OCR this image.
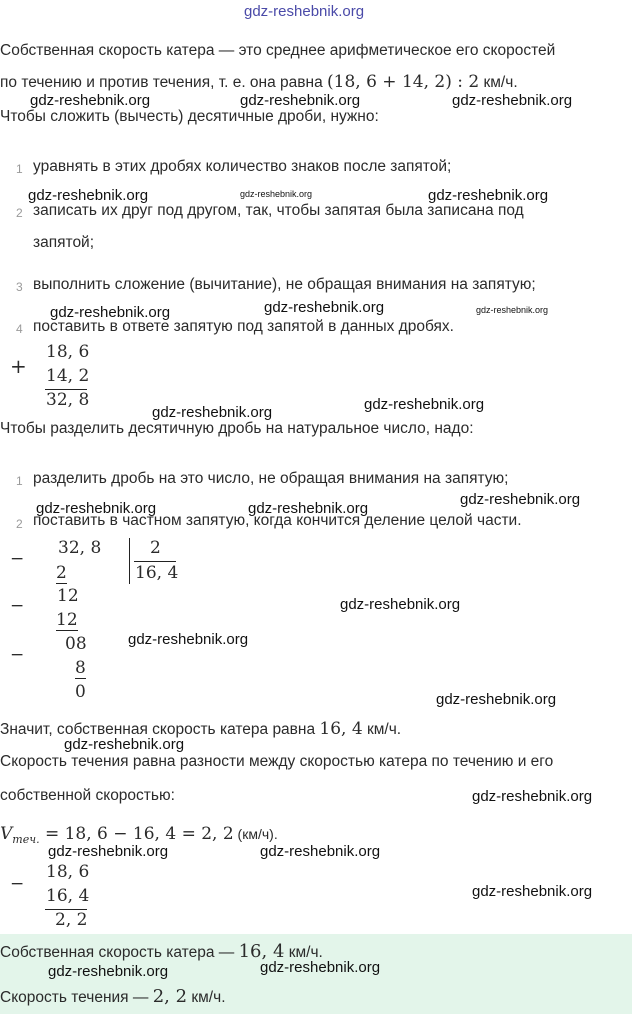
gdz-reshebnik.org
Собственная скорость катера — это среднее арифметическое его скоростей
по течению и против течения, т. е. она равна (18, 6 + 14, 2) : 2 км/ч.
Чтобы сложить (вычесть) десятичные дроби, нужно:
1 уравнять в этих дробях количество знаков после запятой;
2 записать их друг под другом, так, чтобы запятая была записана под
запятой;
3 выполнить сложение (вычитание), не обращая внимания на запятую;
4 поставить в ответе запятую под запятой в данных дробях.
+
18, 6
14, 2
32, 8
Чтобы разделить десятичную дробь на натуральное число, надо:
1 разделить дробь на это число, не обращая внимания на запятую;
2 поставить в частном запятую, когда кончится деление целой части.
−
32, 8	2
16, 4
2
− 12
12
−
08
8
0
Значит, собственная скорость катера равна 16, 4 км/ч.
Скорость течения равна разности между скоростью катера по течению и его
собственной скоростью:
$V_{теч.} = 18$, 6 − 16, 4 = 2, 2 (км/ч).
−
18, 6
16, 4
2, 2
Собственная скорость катера — 16, 4 км/ч.
Скорость течения — 2, 2 км/ч.
gdz-reshebnik.org	gdz-reshebnik.org	gdz-reshebnik.org
gdz-reshebnik.org	gdz-reshebnik.org	gdz-reshebnik.org
gdz-reshebnik.org	gdz-reshebnik.org	gdz-reshebnik.org
gdz-reshebnik.org	gdz-reshebnik.org
gdz-reshebnik.org	gdz-reshebnik.org
gdz-reshebnik.org
gdz-reshebnik.org
gdz-reshebnik.org
gdz-reshebnik.org
gdz-reshebnik.org
gdz-reshebnik.org
gdz-reshebnik.org	gdz-reshebnik.org
gdz-reshebnik.org
gdz-reshebnik.org	gdz-reshebnik.org
